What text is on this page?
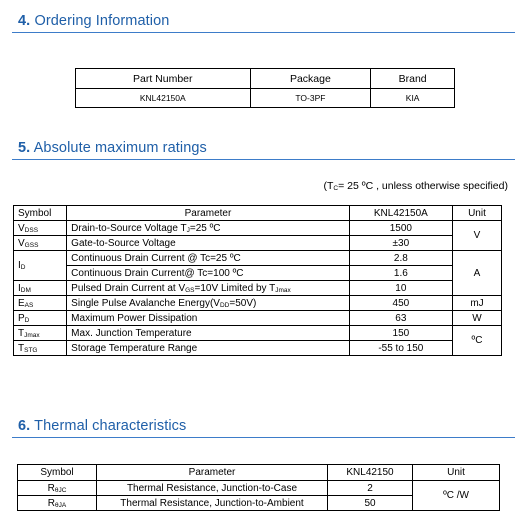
4. Ordering Information
Part Number	Package	Brand
KNL42150A	TO-3PF	KIA
5. Absolute maximum ratings
($T_C= 25$ ºC , unless otherwise specified)
Symbol	Parameter	KNL42150A	Unit
$V_{DSS}$	Drain-to-Source Voltage $T_J=25$ ºC	1500	V
$V_{GSS}$	Gate-to-Source Voltage	±30	
$I_D$	Continuous Drain Current @ Tc=25 ºC	2.8	A
	Continuous Drain Current@ Tc=100 ºC	1.6	
$I_{DM}$	Pulsed Drain Current at $V_{GS}=10V$ Limited by $T_{Jmax}$	10	
$E_{AS}$	Single Pulse Avalanche $Energy(V_{DD}=50V)$	450	mJ
$P_D$	Maximum Power Dissipation	63	W
$T_{Jmax}$	Max. Junction Temperature	150	ºC
$T_{STG}$	Storage Temperature Range	-55 to 150	
6. Thermal characteristics
Symbol	Parameter	KNL42150	Unit
$R_{\theta JC}$	Thermal Resistance, Junction-to-Case	2	ºC /W
$R_{\theta JA}$	Thermal Resistance, Junction-to-Ambient	50	
